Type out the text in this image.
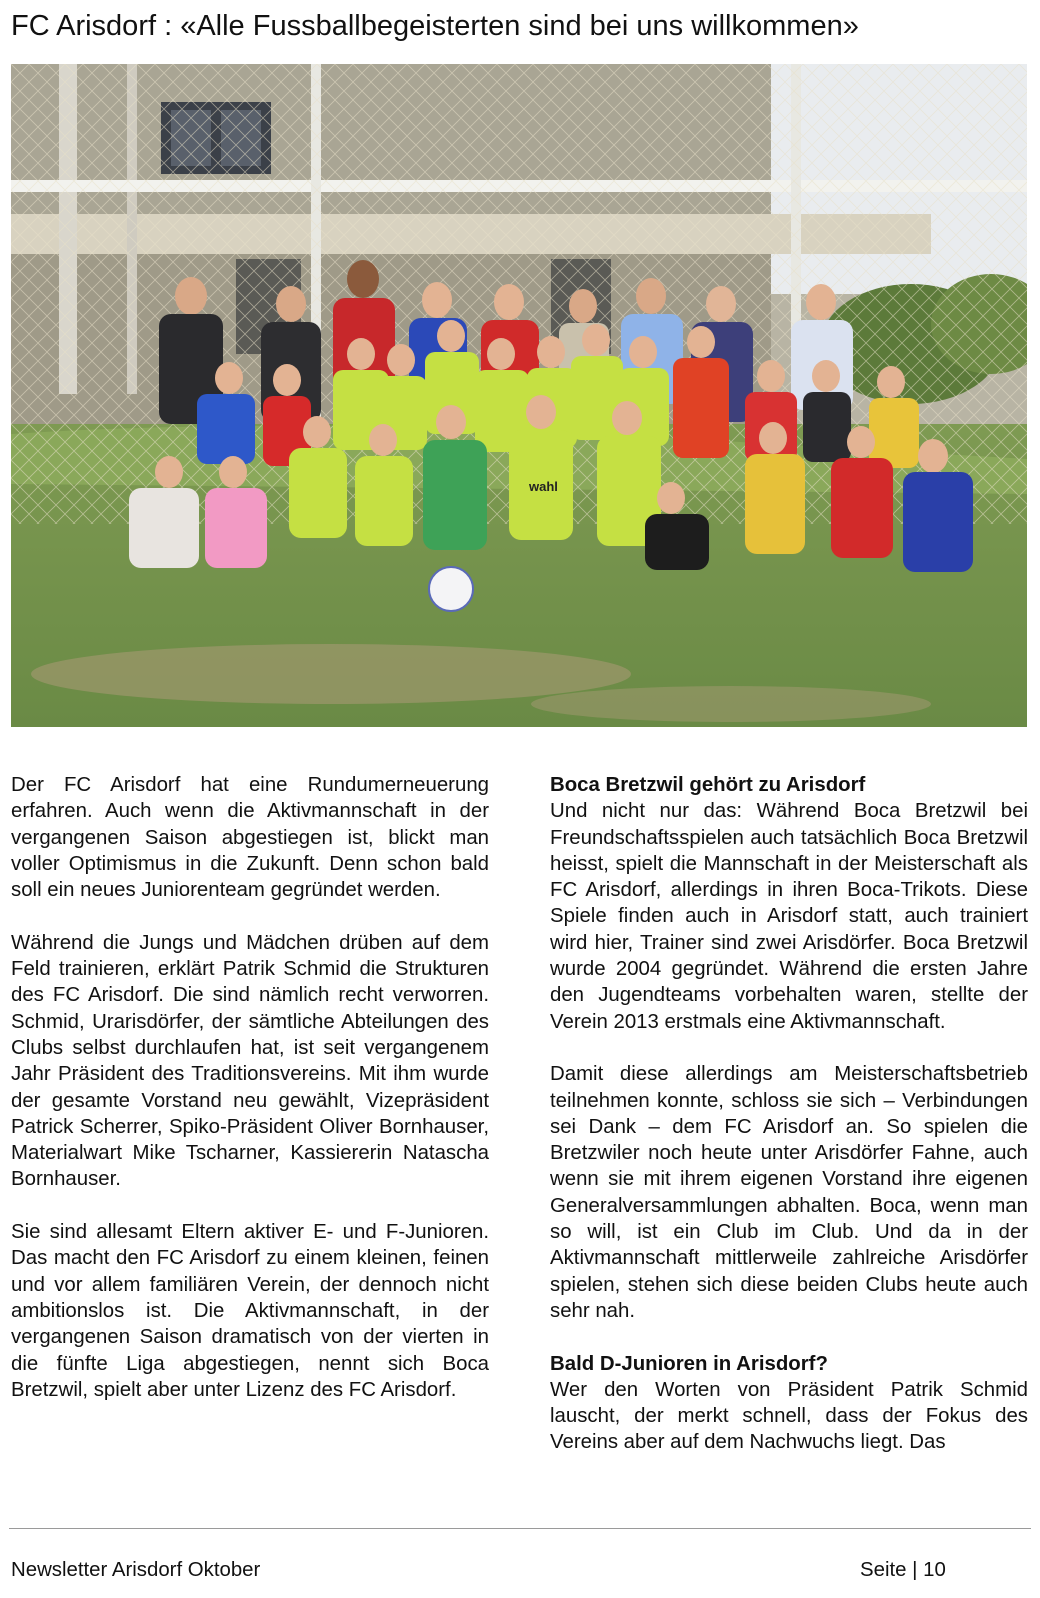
FC Arisdorf : «Alle Fussballbegeisterten sind bei uns willkommen»
wahl

Der FC Arisdorf hat eine Rundumerneuerung erfahren. Auch wenn die Aktivmannschaft in der vergangenen Saison abgestiegen ist, blickt man voller Optimismus in die Zukunft. Denn schon bald soll ein neues Juniorenteam gegründet werden.

Während die Jungs und Mädchen drüben auf dem Feld trainieren, erklärt Patrik Schmid die Strukturen des FC Arisdorf. Die sind nämlich recht verworren. Schmid, Urarisdörfer, der sämtliche Abteilungen des Clubs selbst durchlaufen hat, ist seit vergangenem Jahr Präsident des Traditionsvereins. Mit ihm wurde der gesamte Vorstand neu gewählt, Vizepräsident Patrick Scherrer, Spiko-Präsident Oliver Bornhauser, Materialwart Mike Tscharner, Kassiererin Natascha Bornhauser.

Sie sind allesamt Eltern aktiver E- und F-Junioren. Das macht den FC Arisdorf zu einem kleinen, feinen und vor allem familiären Verein, der dennoch nicht ambitionslos ist. Die Aktivmannschaft, in der vergangenen Saison dramatisch von der vierten in die fünfte Liga abgestiegen, nennt sich Boca Bretzwil, spielt aber unter Lizenz des FC Arisdorf.

Boca Bretzwil gehört zu Arisdorf

Und nicht nur das: Während Boca Bretzwil bei Freundschaftsspielen auch tatsächlich Boca Bretzwil heisst, spielt die Mannschaft in der Meisterschaft als FC Arisdorf, allerdings in ihren Boca-Trikots. Diese Spiele finden auch in Arisdorf statt, auch trainiert wird hier, Trainer sind zwei Arisdörfer. Boca Bretzwil wurde 2004 gegründet. Während die ersten Jahre den Jugendteams vorbehalten waren, stellte der Verein 2013 erstmals eine Aktivmannschaft.

Damit diese allerdings am Meisterschaftsbetrieb teilnehmen konnte, schloss sie sich – Verbindungen sei Dank – dem FC Arisdorf an. So spielen die Bretzwiler noch heute unter Arisdörfer Fahne, auch wenn sie mit ihrem eigenen Vorstand ihre eigenen Generalversammlungen abhalten. Boca, wenn man so will, ist ein Club im Club. Und da in der Aktivmannschaft mittlerweile zahlreiche Arisdörfer spielen, stehen sich diese beiden Clubs heute auch sehr nah.

Bald D-Junioren in Arisdorf?

Wer den Worten von Präsident Patrik Schmid lauscht, der merkt schnell, dass der Fokus des Vereins aber auf dem Nachwuchs liegt. Das

Newsletter Arisdorf Oktober	Seite | 10
